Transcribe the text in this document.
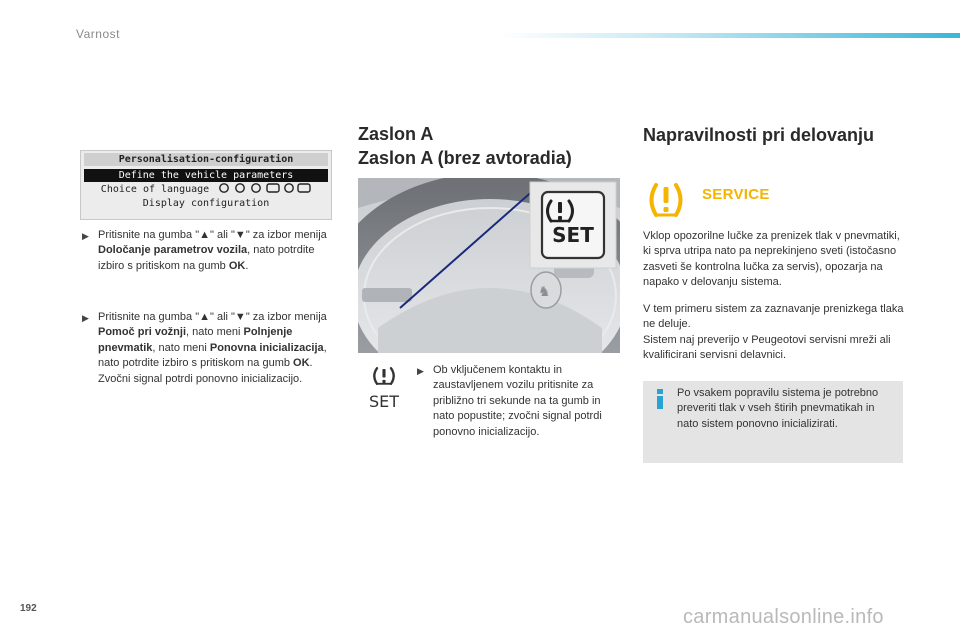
Varnost
Personalisation-configuration
Define the vehicle parameters
Choice of language
Display configuration
▶ Pritisnite na gumba "▲" ali "▼" za izbor menija Določanje parametrov vozila, nato potrdite izbiro s pritiskom na gumb OK.
▶ Pritisnite na gumba "▲" ali "▼" za izbor menija Pomoč pri vožnji, nato meni Polnjenje pnevmatik, nato meni Ponovna inicializacija, nato potrdite izbiro s pritiskom na gumb OK.
Zvočni signal potrdi ponovno inicializacijo.
Zaslon A
Zaslon A (brez avtoradia)
♞
SET
SET
▶ Ob vključenem kontaktu in zaustavljenem vozilu pritisnite za približno tri sekunde na ta gumb in nato popustite; zvočni signal potrdi ponovno inicializacijo.
Napravilnosti pri delovanju
SERVICE
Vklop opozorilne lučke za prenizek tlak v pnevmatiki, ki sprva utripa nato pa neprekinjeno sveti (istočasno zasveti še kontrolna lučka za servis), opozarja na napako v delovanju sistema.
V tem primeru sistem za zaznavanje prenizkega tlaka ne deluje.
Sistem naj preverijo v Peugeotovi servisni mreži ali kvalificirani servisni delavnici.
Po vsakem popravilu sistema je potrebno preveriti tlak v vseh štirih pnevmatikah in nato sistem ponovno inicializirati.
192	carmanualsonline.info
